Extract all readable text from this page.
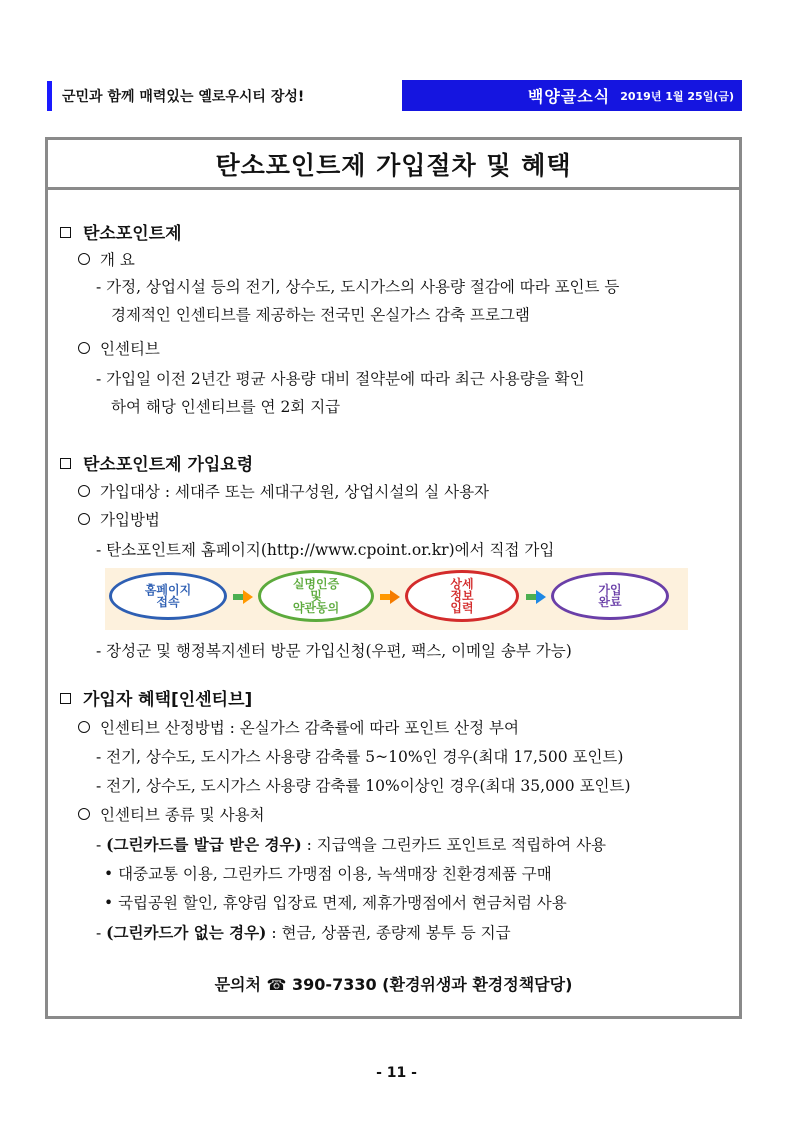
군민과 함께 매력있는 옐로우시티 장성!	백양골소식 2019년 1월 25일(금)
탄소포인트제 가입절차 및 혜택
탄소포인트제
개 요
- 가정, 상업시설 등의 전기, 상수도, 도시가스의 사용량 절감에 따라 포인트 등
경제적인 인센티브를 제공하는 전국민 온실가스 감축 프로그램
인센티브
- 가입일 이전 2년간 평균 사용량 대비 절약분에 따라 최근 사용량을 확인
하여 해당 인센티브를 연 2회 지급
탄소포인트제 가입요령
가입대상 : 세대주 또는 세대구성원, 상업시설의 실 사용자
가입방법
- 탄소포인트제 홈페이지(http://www.cpoint.or.kr)에서 직접 가입
홈페이지
접속
실명인증
및
약관동의
상세
정보
입력
가입
완료
- 장성군 및 행정복지센터 방문 가입신청(우편, 팩스, 이메일 송부 가능)
가입자 혜택[인센티브]
인센티브 산정방법 : 온실가스 감축률에 따라 포인트 산정 부여
- 전기, 상수도, 도시가스 사용량 감축률 5~10%인 경우(최대 17,500 포인트)
- 전기, 상수도, 도시가스 사용량 감축률 10%이상인 경우(최대 35,000 포인트)
인센티브 종류 및 사용처
- (그린카드를 발급 받은 경우) : 지급액을 그린카드 포인트로 적립하여 사용
• 대중교통 이용, 그린카드 가맹점 이용, 녹색매장 친환경제품 구매
• 국립공원 할인, 휴양림 입장료 면제, 제휴가맹점에서 현금처럼 사용
- (그린카드가 없는 경우) : 현금, 상품권, 종량제 봉투 등 지급
문의처 ☎ 390-7330 (환경위생과 환경정책담당)
- 11 -
